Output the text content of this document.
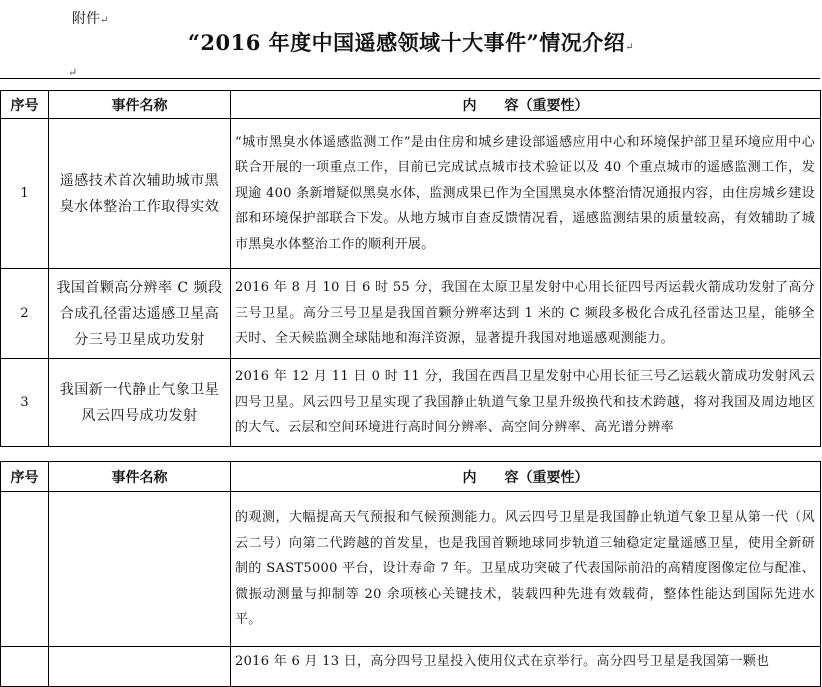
附件↵
“2016 年度中国遥感领域十大事件”情况介绍↵
↵
序号	事件名称	内　　容（重要性）
1	遥感技术首次辅助城市黑臭水体整治工作取得实效	“城市黑臭水体遥感监测工作”是由住房和城乡建设部遥感应用中心和环境保护部卫星环境应用中心联合开展的一项重点工作，目前已完成试点城市技术验证以及 40 个重点城市的遥感监测工作，发现逾 400 条新增疑似黑臭水体，监测成果已作为全国黑臭水体整治情况通报内容，由住房城乡建设部和环境保护部联合下发。从地方城市自查反馈情况看，遥感监测结果的质量较高，有效辅助了城市黑臭水体整治工作的顺利开展。
2	我国首颗高分辨率 C 频段合成孔径雷达遥感卫星高分三号卫星成功发射	2016 年 8 月 10 日 6 时 55 分，我国在太原卫星发射中心用长征四号丙运载火箭成功发射了高分三号卫星。高分三号卫星是我国首颗分辨率达到 1 米的 C 频段多极化合成孔径雷达卫星，能够全天时、全天候监测全球陆地和海洋资源，显著提升我国对地遥感观测能力。
3	我国新一代静止气象卫星风云四号成功发射	2016 年 12 月 11 日 0 时 11 分，我国在西昌卫星发射中心用长征三号乙运载火箭成功发射风云四号卫星。风云四号卫星实现了我国静止轨道气象卫星升级换代和技术跨越，将对我国及周边地区的大气、云层和空间环境进行高时间分辨率、高空间分辨率、高光谱分辨率
序号	事件名称	内　　容（重要性）
		的观测，大幅提高天气预报和气候预测能力。风云四号卫星是我国静止轨道气象卫星从第一代（风云二号）向第二代跨越的首发星，也是我国首颗地球同步轨道三轴稳定定量遥感卫星，使用全新研制的 SAST5000 平台，设计寿命 7 年。卫星成功突破了代表国际前沿的高精度图像定位与配准、微振动测量与抑制等 20 余项核心关键技术，装载四种先进有效载荷，整体性能达到国际先进水平。
		2016 年 6 月 13 日，高分四号卫星投入使用仪式在京举行。高分四号卫星是我国第一颗也
